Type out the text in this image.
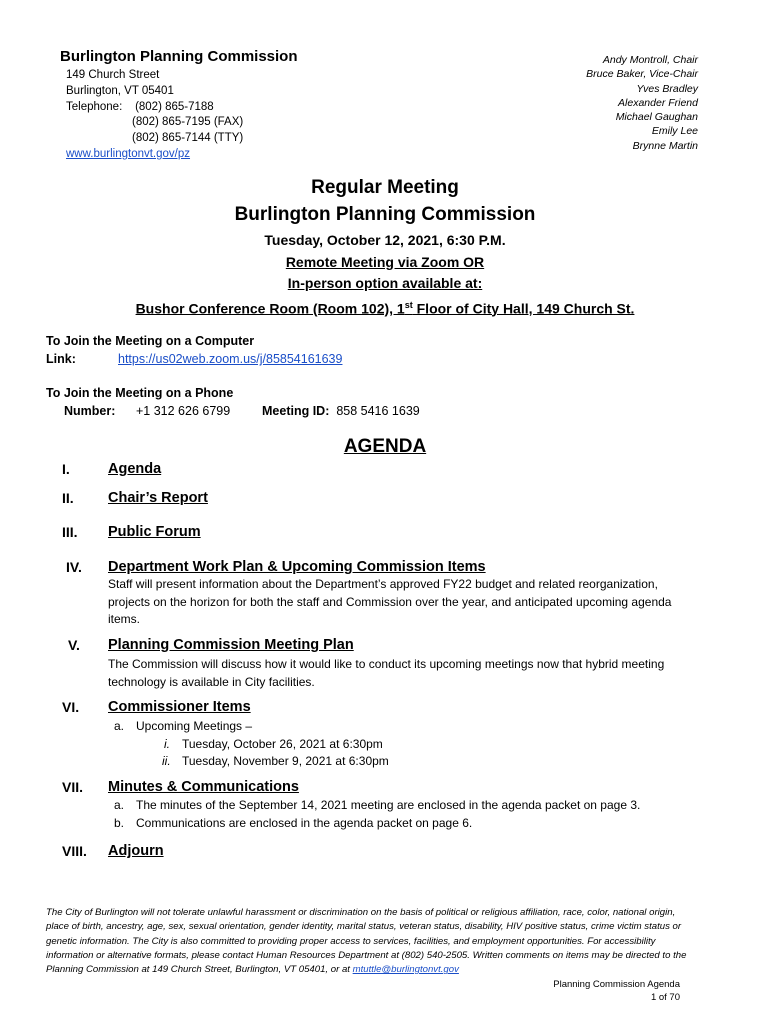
Burlington Planning Commission
149 Church Street
Burlington, VT 05401
Telephone: (802) 865-7188
(802) 865-7195 (FAX)
(802) 865-7144 (TTY)
www.burlingtonvt.gov/pz
Andy Montroll, Chair
Bruce Baker, Vice-Chair
Yves Bradley
Alexander Friend
Michael Gaughan
Emily Lee
Brynne Martin
Regular Meeting
Burlington Planning Commission
Tuesday, October 12, 2021, 6:30 P.M.
Remote Meeting via Zoom OR
In-person option available at:
Bushor Conference Room (Room 102), 1st Floor of City Hall, 149 Church St.
To Join the Meeting on a Computer
Link:	https://us02web.zoom.us/j/85854161639
To Join the Meeting on a Phone
Number: +1 312 626 6799	Meeting ID: 858 5416 1639
AGENDA
I.	Agenda
II.	Chair’s Report
III.	Public Forum
IV.	Department Work Plan & Upcoming Commission Items
Staff will present information about the Department’s approved FY22 budget and related reorganization,
projects on the horizon for both the staff and Commission over the year, and anticipated upcoming agenda
items.
V.	Planning Commission Meeting Plan
The Commission will discuss how it would like to conduct its upcoming meetings now that hybrid meeting
technology is available in City facilities.
VI.	Commissioner Items
a. Upcoming Meetings –
i. Tuesday, October 26, 2021 at 6:30pm
ii. Tuesday, November 9, 2021 at 6:30pm
VII.	Minutes & Communications
a. The minutes of the September 14, 2021 meeting are enclosed in the agenda packet on page 3.
b. Communications are enclosed in the agenda packet on page 6.
VIII.	Adjourn
The City of Burlington will not tolerate unlawful harassment or discrimination on the basis of political or religious affiliation, race, color, national origin,
place of birth, ancestry, age, sex, sexual orientation, gender identity, marital status, veteran status, disability, HIV positive status, crime victim status or
genetic information. The City is also committed to providing proper access to services, facilities, and employment opportunities. For accessibility
information or alternative formats, please contact Human Resources Department at (802) 540-2505. Written comments on items may be directed to the
Planning Commission at 149 Church Street, Burlington, VT 05401, or at mtuttle@burlingtonvt.gov
Planning Commission Agenda
1 of 70
